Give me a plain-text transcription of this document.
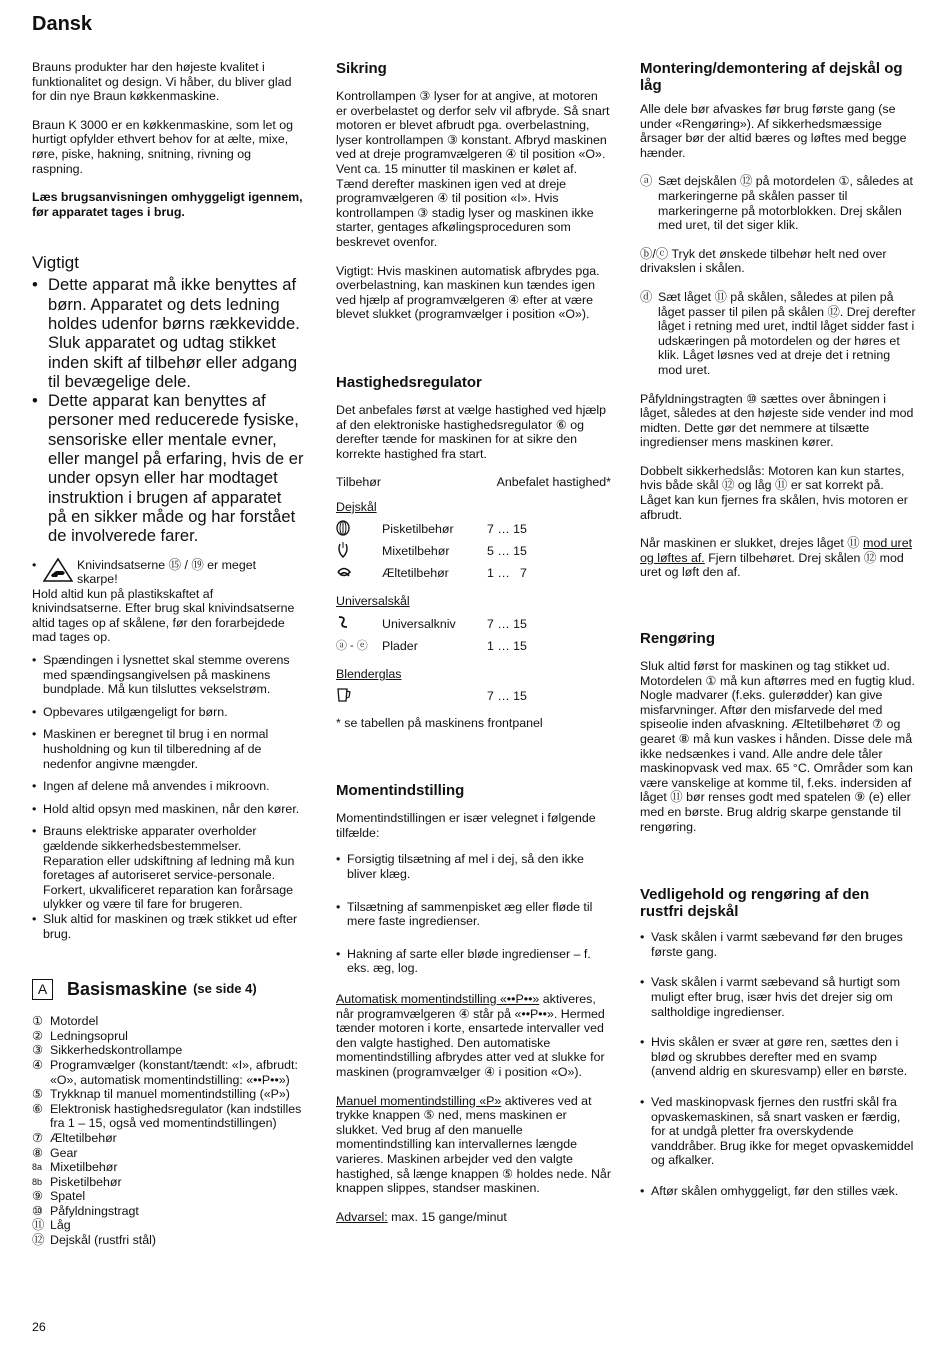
Dansk

Brauns produkter har den højeste kvalitet i funktionalitet og design. Vi håber, du bliver glad for din nye Braun køkkenmaskine.

Braun K 3000 er en køkkenmaskine, som let og hurtigt opfylder ethvert behov for at ælte, mixe, røre, piske, hakning, snitning, rivning og raspning.

Læs brugsanvisningen omhyggeligt igennem, før apparatet tages i brug.

Vigtigt
• Dette apparat må ikke benyttes af børn. Apparatet og dets ledning holdes udenfor børns rækkevidde. Sluk apparatet og udtag stikket inden skift af tilbehør eller adgang til bevægelige dele.
• Dette apparat kan benyttes af personer med reducerede fysiske, sensoriske eller mentale evner, eller mangel på erfaring, hvis de er under opsyn eller har modtaget instruktion i brugen af apparatet på en sikker måde og har forstået de involverede farer.
• Knivindsatserne ⑮ / ⑲ er meget
skarpe!

Hold altid kun på plastikskaftet af knivindsatserne. Efter brug skal knivindsatserne altid tages op af skålene, før den forarbejdede mad tages op.

• Spændingen i lysnettet skal stemme overens med spændingsangivelsen på maskinens bundplade. Må kun tilsluttes vekselstrøm.
• Opbevares utilgængeligt for børn.
• Maskinen er beregnet til brug i en normal husholdning og kun til tilberedning af de nedenfor angivne mængder.
• Ingen af delene må anvendes i mikroovn.
• Hold altid opsyn med maskinen, når den kører.
• Brauns elektriske apparater overholder gældende sikkerhedsbestemmelser. Reparation eller udskiftning af ledning må kun foretages af autoriseret service-personale. Forkert, ukvalificeret reparation kan forårsage ulykker og være til fare for brugeren.
• Sluk altid for maskinen og træk stikket ud efter brug.
A	Basismaskine (se side 4)
① Motordel
② Ledningsoprul
③ Sikkerhedskontrollampe
④ Programvælger (konstant/tændt: «I», afbrudt: «O», automatisk momentindstilling: «••P••»)
⑤ Trykknap til manuel momentindstilling («P»)
⑥ Elektronisk hastighedsregulator (kan indstilles fra 1 – 15, også ved momentindstillingen)
⑦ Æltetilbehør
⑧ Gear
8a Mixetilbehør
8b Pisketilbehør
⑨ Spatel
⑩ Påfyldningstragt
⑪ Låg
⑫ Dejskål (rustfri stål)
Sikring

Kontrollampen ③ lyser for at angive, at motoren er overbelastet og derfor selv vil afbryde. Så snart motoren er blevet afbrudt pga. overbelastning, lyser kontrollampen ③ konstant. Afbryd maskinen ved at dreje programvælgeren ④ til position «O». Vent ca. 15 minutter til maskinen er kølet af. Tænd derefter maskinen igen ved at dreje programvælgeren ④ til position «I». Hvis kontrollampen ③ stadig lyser og maskinen ikke starter, gentages afkølingsproceduren som beskrevet ovenfor.

Vigtigt: Hvis maskinen automatisk afbrydes pga. overbelastning, kan maskinen kun tændes igen ved hjælp af programvælgeren ④ efter at være blevet slukket (programvælger i position «O»).

Hastighedsregulator

Det anbefales først at vælge hastighed ved hjælp af den elektroniske hastighedsregulator ⑥ og derefter tænde for maskinen for at sikre den korrekte hastighed fra start.

Tilbehør	Anbefalet hastighed*
Dejskål
Pisketilbehør	7 … 15
Mixetilbehør	5 … 15
Æltetilbehør	1 …   7
Universalskål
Universalkniv	7 … 15
ⓐ - ⓔ	Plader	1 … 15
Blenderglas
7 … 15

* se tabellen på maskinens frontpanel

Momentindstilling

Momentindstillingen er især velegnet i følgende tilfælde:

• Forsigtig tilsætning af mel i dej, så den ikke bliver klæg.
• Tilsætning af sammenpisket æg eller fløde til mere faste ingredienser.
• Hakning af sarte eller bløde ingredienser – f. eks. æg, log.

Automatisk momentindstilling «••P••» aktiveres, når programvælgeren ④ står på «••P••». Hermed tænder motoren i korte, ensartede intervaller ved den valgte hastighed. Den automatiske momentindstilling afbrydes atter ved at slukke for maskinen (programvælger ④ i position «O»).

Manuel momentindstilling «P» aktiveres ved at trykke knappen ⑤ ned, mens maskinen er slukket. Ved brug af den manuelle momentindstilling kan intervallernes længde varieres. Maskinen arbejder ved den valgte hastighed, så længe knappen ⑤ holdes nede. Når knappen slippes, standser maskinen.

Advarsel: max. 15 gange/minut

Montering/demontering af dejskål og låg

Alle dele bør afvaskes før brug første gang (se under «Rengøring»). Af sikkerhedsmæssige årsager bør der altid bæres og løftes med begge hænder.

ⓐ Sæt dejskålen ⑫ på motordelen ①, således at markeringerne på skålen passer til markeringerne på motorblokken. Drej skålen med uret, til det siger klik.
ⓑ/ⓒ Tryk det ønskede tilbehør helt ned over drivakslen i skålen.
ⓓ Sæt låget ⑪ på skålen, således at pilen på låget passer til pilen på skålen ⑫. Drej derefter låget i retning med uret, indtil låget sidder fast i udskæringen på motordelen og der høres et klik. Låget løsnes ved at dreje det i retning mod uret.

Påfyldningstragten ⑩ sættes over åbningen i låget, således at den højeste side vender ind mod midten. Dette gør det nemmere at tilsætte ingredienser mens maskinen kører.

Dobbelt sikkerhedslås: Motoren kan kun startes, hvis både skål ⑫ og låg ⑪ er sat korrekt på. Låget kan kun fjernes fra skålen, hvis motoren er afbrudt.

Når maskinen er slukket, drejes låget ⑪ mod uret og løftes af. Fjern tilbehøret. Drej skålen ⑫ mod uret og løft den af.

Rengøring

Sluk altid først for maskinen og tag stikket ud. Motordelen ① må kun aftørres med en fugtig klud. Nogle madvarer (f.eks. gulerødder) kan give misfarvninger. Aftør den misfarvede del med spiseolie inden afvaskning. Æltetilbehøret ⑦ og gearet ⑧ må kun vaskes i hånden. Disse dele må ikke nedsænkes i vand. Alle andre dele tåler maskinopvask ved max. 65 °C. Områder som kan være vanskelige at komme til, f.eks. indersiden af låget ⑪ bør renses godt med spatelen ⑨ (e) eller med en børste. Brug aldrig skarpe genstande til rengøring.

Vedligehold og rengøring af den rustfri dejskål
• Vask skålen i varmt sæbevand før den bruges første gang.
• Vask skålen i varmt sæbevand så hurtigt som muligt efter brug, især hvis det drejer sig om saltholdige ingredienser.
• Hvis skålen er svær at gøre ren, sættes den i blød og skrubbes derefter med en svamp (anvend aldrig en skuresvamp) eller en børste.
• Ved maskinopvask fjernes den rustfri skål fra opvaskemaskinen, så snart vasken er færdig, for at undgå pletter fra overskydende vanddråber. Brug ikke for meget opvaskemiddel og afkalker.
• Aftør skålen omhyggeligt, før den stilles væk.
26
